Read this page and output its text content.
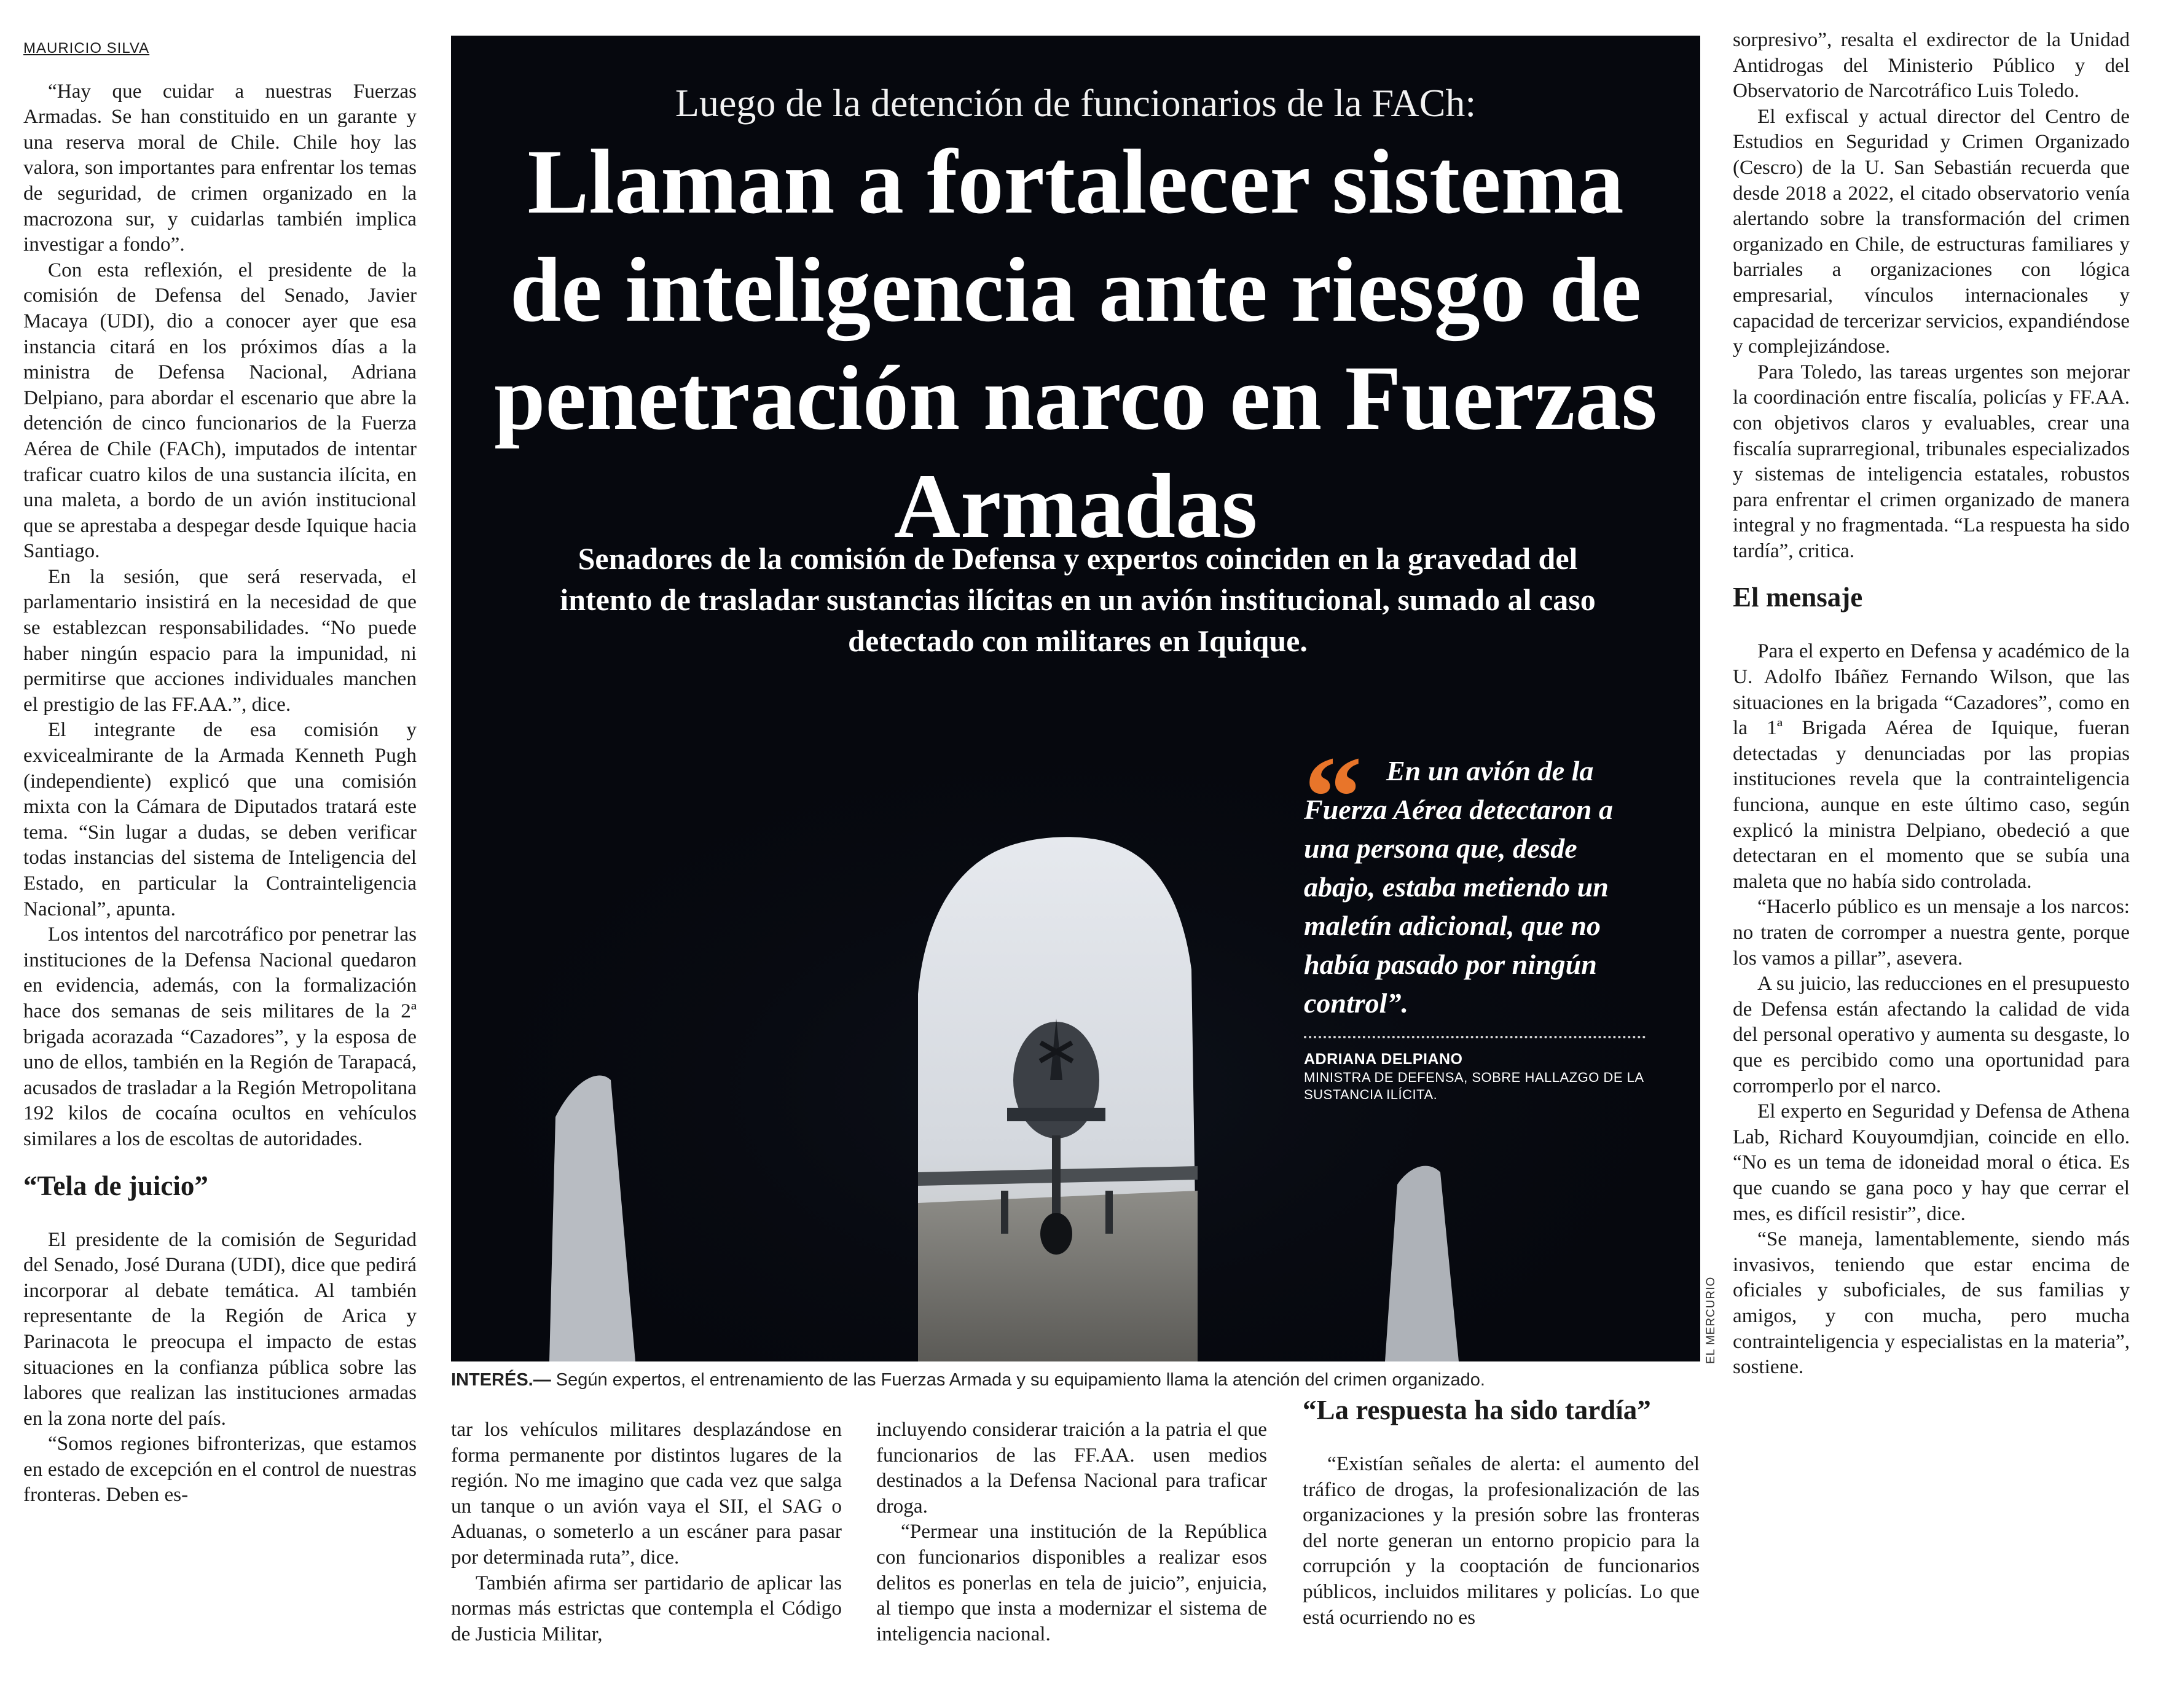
MAURICIO SILVA

“Hay que cuidar a nuestras Fuerzas Armadas. Se han constituido en un garante y una reserva moral de Chile. Chile hoy las valora, son importantes para enfrentar los temas de seguridad, de crimen organizado en la macrozona sur, y cuidarlas también implica investigar a fondo”.

Con esta reflexión, el presidente de la comisión de Defensa del Senado, Javier Macaya (UDI), dio a conocer ayer que esa instancia citará en los próximos días a la ministra de Defensa Nacional, Adriana Delpiano, para abordar el escenario que abre la detención de cinco funcionarios de la Fuerza Aérea de Chile (FACh), imputados de intentar traficar cuatro kilos de una sustancia ilícita, en una maleta, a bordo de un avión institucional que se aprestaba a despegar desde Iquique hacia Santiago.

En la sesión, que será reservada, el parlamentario insistirá en la necesidad de que se establezcan responsabilidades. “No puede haber ningún espacio para la impunidad, ni permitirse que acciones individuales manchen el prestigio de las FF.AA.”, dice.

El integrante de esa comisión y exvicealmirante de la Armada Kenneth Pugh (independiente) explicó que una comisión mixta con la Cámara de Diputados tratará este tema. “Sin lugar a dudas, se deben verificar todas instancias del sistema de Inteligencia del Estado, en particular la Contrainteligencia Nacional”, apunta.

Los intentos del narcotráfico por penetrar las instituciones de la Defensa Nacional quedaron en evidencia, además, con la formalización hace dos semanas de seis militares de la 2ª brigada acorazada “Cazadores”, y la esposa de uno de ellos, también en la Región de Tarapacá, acusados de trasladar a la Región Metropolitana 192 kilos de cocaína ocultos en vehículos similares a los de escoltas de autoridades.

“Tela de juicio”

El presidente de la comisión de Seguridad del Senado, José Durana (UDI), dice que pedirá incorporar al debate temática. Al también representante de la Región de Arica y Parinacota le preocupa el impacto de estas situaciones en la confianza pública sobre las labores que realizan las instituciones armadas en la zona norte del país.

“Somos regiones bifronterizas, que estamos en estado de excepción en el control de nuestras fronteras. Deben es-

Luego de la detención de funcionarios de la FACh:
Llaman a fortalecer sistema de inteligencia ante riesgo de penetración narco en Fuerzas Armadas
Senadores de la comisión de Defensa y expertos coinciden en la gravedad del intento de trasladar sustancias ilícitas en un avión institucional, sumado al caso detectado con militares en Iquique.
“ En un avión de la Fuerza Aérea detectaron a una persona que, desde abajo, estaba metiendo un maletín adicional, que no había pasado por ningún control”.

ADRIANA DELPIANO
MINISTRA DE DEFENSA, SOBRE HALLAZGO DE LA SUSTANCIA ILÍCITA.
EL MERCURIO
INTERÉS.— Según expertos, el entrenamiento de las Fuerzas Armada y su equipamiento llama la atención del crimen organizado.

tar los vehículos militares desplazándose en forma permanente por distintos lugares de la región. No me imagino que cada vez que salga un tanque o un avión vaya el SII, el SAG o Aduanas, o someterlo a un escáner para pasar por determinada ruta”, dice.

También afirma ser partidario de aplicar las normas más estrictas que contempla el Código de Justicia Militar,

incluyendo considerar traición a la patria el que funcionarios de las FF.AA. usen medios destinados a la Defensa Nacional para traficar droga.

“Permear una institución de la República con funcionarios disponibles a realizar esos delitos es ponerlas en tela de juicio”, enjuicia, al tiempo que insta a modernizar el sistema de inteligencia nacional.

“La respuesta ha sido tardía”

“Existían señales de alerta: el aumento del tráfico de drogas, la profesionalización de las organizaciones y la presión sobre las fronteras del norte generan un entorno propicio para la corrupción y la cooptación de funcionarios públicos, incluidos militares y policías. Lo que está ocurriendo no es

sorpresivo”, resalta el exdirector de la Unidad Antidrogas del Ministerio Público y del Observatorio de Narcotráfico Luis Toledo.

El exfiscal y actual director del Centro de Estudios en Seguridad y Crimen Organizado (Cescro) de la U. San Sebastián recuerda que desde 2018 a 2022, el citado observatorio venía alertando sobre la transformación del crimen organizado en Chile, de estructuras familiares y barriales a organizaciones con lógica empresarial, vínculos internacionales y capacidad de tercerizar servicios, expandiéndose y complejizándose.

Para Toledo, las tareas urgentes son mejorar la coordinación entre fiscalía, policías y FF.AA. con objetivos claros y evaluables, crear una fiscalía suprarregional, tribunales especializados y sistemas de inteligencia estatales, robustos para enfrentar el crimen organizado de manera integral y no fragmentada. “La respuesta ha sido tardía”, critica.

El mensaje

Para el experto en Defensa y académico de la U. Adolfo Ibáñez Fernando Wilson, que las situaciones en la brigada “Cazadores”, como en la 1ª Brigada Aérea de Iquique, fueran detectadas y denunciadas por las propias instituciones revela que la contrainteligencia funciona, aunque en este último caso, según explicó la ministra Delpiano, obedeció a que detectaran en el momento que se subía una maleta que no había sido controlada.

“Hacerlo público es un mensaje a los narcos: no traten de corromper a nuestra gente, porque los vamos a pillar”, asevera.

A su juicio, las reducciones en el presupuesto de Defensa están afectando la calidad de vida del personal operativo y aumenta su desgaste, lo que es percibido como una oportunidad para corromperlo por el narco.

El experto en Seguridad y Defensa de Athena Lab, Richard Kouyoumdjian, coincide en ello. “No es un tema de idoneidad moral o ética. Es que cuando se gana poco y hay que cerrar el mes, es difícil resistir”, dice.

“Se maneja, lamentablemente, siendo más invasivos, teniendo que estar encima de oficiales y suboficiales, de sus familias y amigos, y con mucha, pero mucha contrainteligencia y especialistas en la materia”, sostiene.
